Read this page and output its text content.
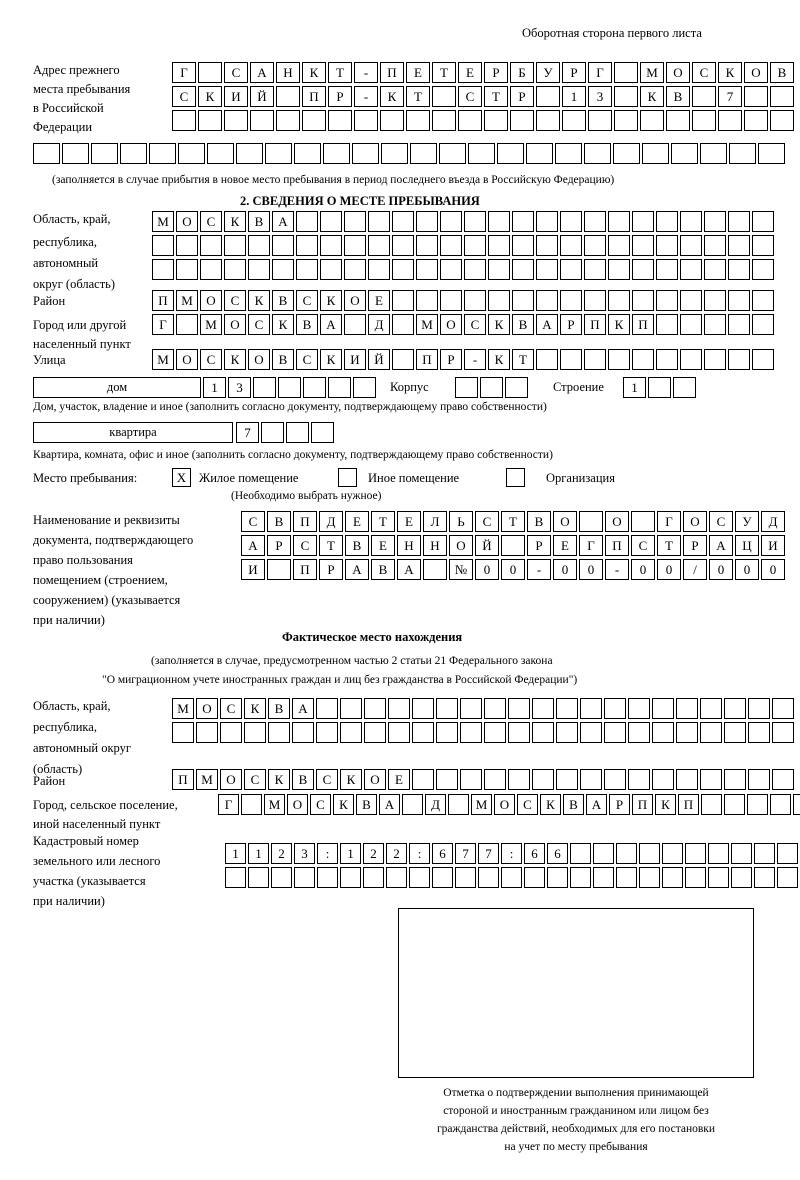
Оборотная сторона первого листа
Адрес прежнего
места пребывания
в Российской
Федерации
Г	С	А	Н	К	Т	-	П	Е	Т	Е	Р	Б	У	Р	Г	М	О	С	К	О	В
С	К	И	Й	П	Р	-	К	Т	С	Т	Р	1	3	К	В	7
(заполняется в случае прибытия в новое место пребывания в период последнего въезда в Российскую Федерацию)
2. СВЕДЕНИЯ О МЕСТЕ ПРЕБЫВАНИЯ
Область, край,
республика,
автономный
округ (область)
М	О	С	К	В	А
Район	П	М	О	С	К	В	С	К	О	Е
Город или другой
населенный пункт
Г	М	О	С	К	В	А	Д	М	О	С	К	В	А	Р	П	К	П
Улица	М	О	С	К	О	В	С	К	И	Й	П	Р	-	К	Т
дом	1	3	Корпус	Строение	1
Дом, участок, владение и иное (заполнить согласно документу, подтверждающему право собственности)
квартира	7
Квартира, комната, офис и иное (заполнить согласно документу, подтверждающему право собственности)
Место пребывания:	X	Жилое помещение	Иное помещение	Организация
(Необходимо выбрать нужное)
Наименование и реквизиты
документа, подтверждающего
право пользования
помещением (строением,
сооружением) (указывается
при наличии)
С	В	П	Д	Е	Т	Е	Л	Ь	С	Т	В	О	О	Г	О	С	У	Д
А	Р	С	Т	В	Е	Н	Н	О	Й	Р	Е	Г	П	С	Т	Р	А	Ц	И
И	П	Р	А	В	А	№	0	0	-	0	0	-	0	0	/	0	0	0
Фактическое место нахождения
(заполняется в случае, предусмотренном частью 2 статьи 21 Федерального закона
"О миграционном учете иностранных граждан и лиц без гражданства в Российской Федерации")
Область, край,
республика,
автономный округ
(область)
М	О	С	К	В	А
Район	П	М	О	С	К	В	С	К	О	Е
Город, сельское поселение,
иной населенный пункт
Г	М О	С	К	В	А	Д	М О	С	К	В	А	Р	П	К	П
Кадастровый номер
земельного или лесного
участка (указывается
при наличии)
1	1	2	3	:	1	2	2	:	6	7	7	:	6	6
Отметка о подтверждении выполнения принимающей
стороной и иностранным гражданином или лицом без
гражданства действий, необходимых для его постановки
на учет по месту пребывания
